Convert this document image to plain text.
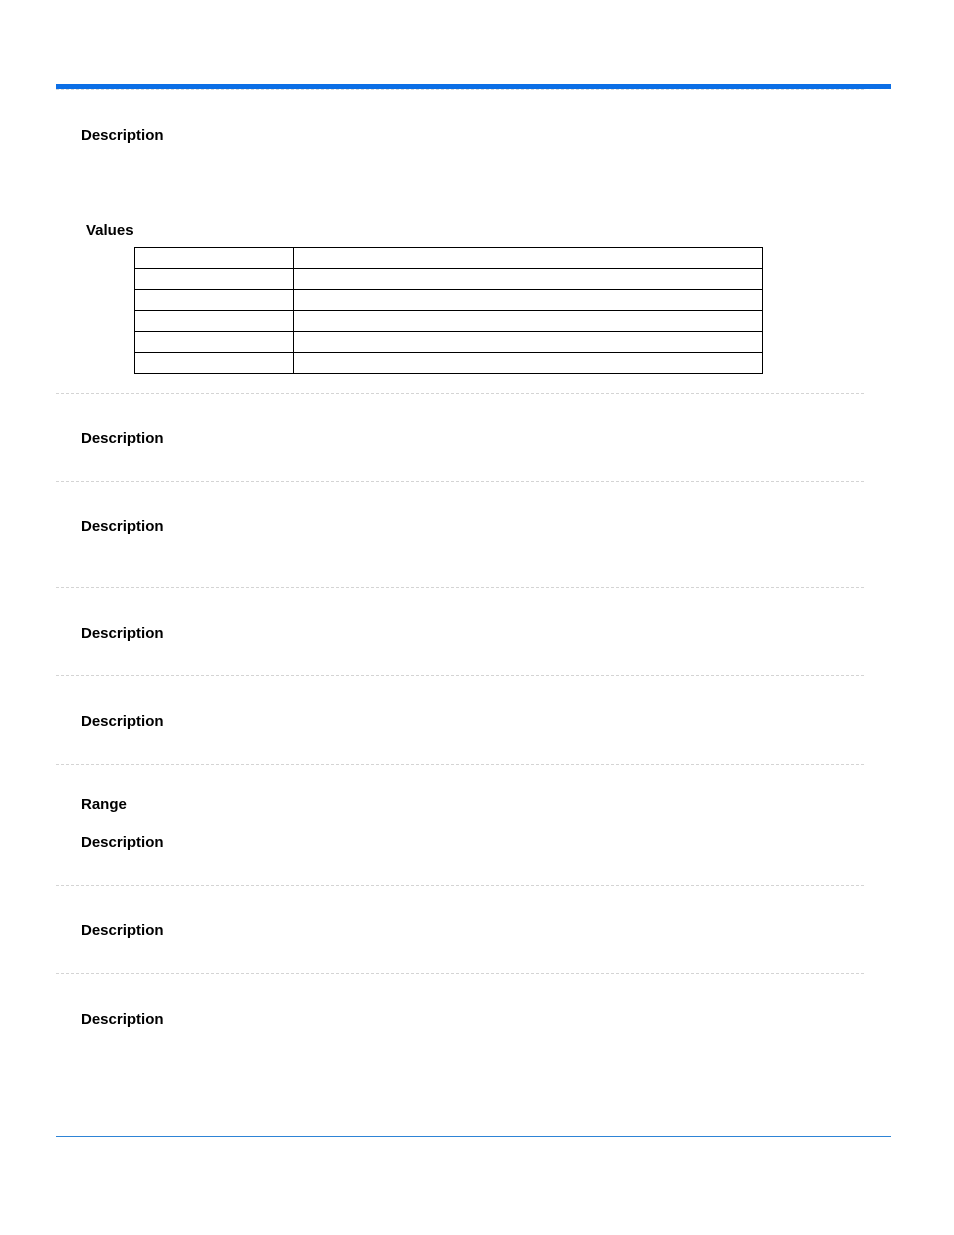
Description
Values

Description
Description
Description
Description
Range
Description
Description
Description
